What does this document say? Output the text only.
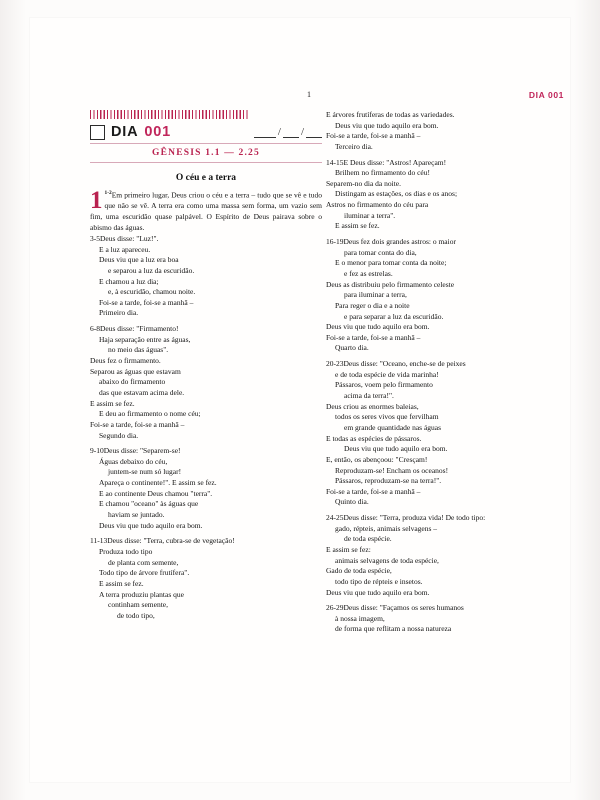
1	DIA 001
DIA 001	/ /
GÊNESIS 1.1 — 2.25
O céu e a terra
1 $^{1-2}$Em primeiro lugar, Deus criou o céu e a terra – tudo que se vê e tudo que não se vê. A terra era como uma massa sem forma, um vazio sem fim, uma escuridão quase palpável. O Espírito de Deus pairava sobre o abismo das águas.
3-5Deus disse: "Luz!".
E a luz apareceu.
Deus viu que a luz era boa
e separou a luz da escuridão.
E chamou a luz dia;
e, à escuridão, chamou noite.
Foi-se a tarde, foi-se a manhã –
Primeiro dia.
6-8Deus disse: "Firmamento!
Haja separação entre as águas,
no meio das águas".
Deus fez o firmamento.
Separou as águas que estavam
abaixo do firmamento
das que estavam acima dele.
E assim se fez.
E deu ao firmamento o nome céu;
Foi-se a tarde, foi-se a manhã –
Segundo dia.
9-10Deus disse: "Separem-se!
Águas debaixo do céu,
juntem-se num só lugar!
Apareça o continente!". E assim se fez.
E ao continente Deus chamou "terra".
E chamou "oceano" às águas que
haviam se juntado.
Deus viu que tudo aquilo era bom.
11-13Deus disse: "Terra, cubra-se de vegetação!
Produza todo tipo
de planta com semente,
Todo tipo de árvore frutífera".
E assim se fez.
A terra produziu plantas que
continham semente,
de todo tipo,
E árvores frutíferas de todas as variedades.
Deus viu que tudo aquilo era bom.
Foi-se a tarde, foi-se a manhã –
Terceiro dia.
14-15E Deus disse: "Astros! Apareçam!
Brilhem no firmamento do céu!
Separem-no dia da noite.
Distingam as estações, os dias e os anos;
Astros no firmamento do céu para
iluminar a terra".
E assim se fez.
16-19Deus fez dois grandes astros: o maior
para tomar conta do dia,
E o menor para tomar conta da noite;
e fez as estrelas.
Deus as distribuiu pelo firmamento celeste
para iluminar a terra,
Para reger o dia e a noite
e para separar a luz da escuridão.
Deus viu que tudo aquilo era bom.
Foi-se a tarde, foi-se a manhã –
Quarto dia.
20-23Deus disse: "Oceano, enche-se de peixes
e de toda espécie de vida marinha!
Pássaros, voem pelo firmamento
acima da terra!".
Deus criou as enormes baleias,
todos os seres vivos que fervilham
em grande quantidade nas águas
E todas as espécies de pássaros.
Deus viu que tudo aquilo era bom.
E, então, os abençoou: "Cresçam!
Reproduzam-se! Encham os oceanos!
Pássaros, reproduzam-se na terra!".
Foi-se a tarde, foi-se a manhã –
Quinto dia.
24-25Deus disse: "Terra, produza vida! De todo tipo:
gado, répteis, animais selvagens –
de toda espécie.
E assim se fez:
animais selvagens de toda espécie,
Gado de toda espécie,
todo tipo de répteis e insetos.
Deus viu que tudo aquilo era bom.
26-29Deus disse: "Façamos os seres humanos
à nossa imagem,
de forma que reflitam a nossa natureza
